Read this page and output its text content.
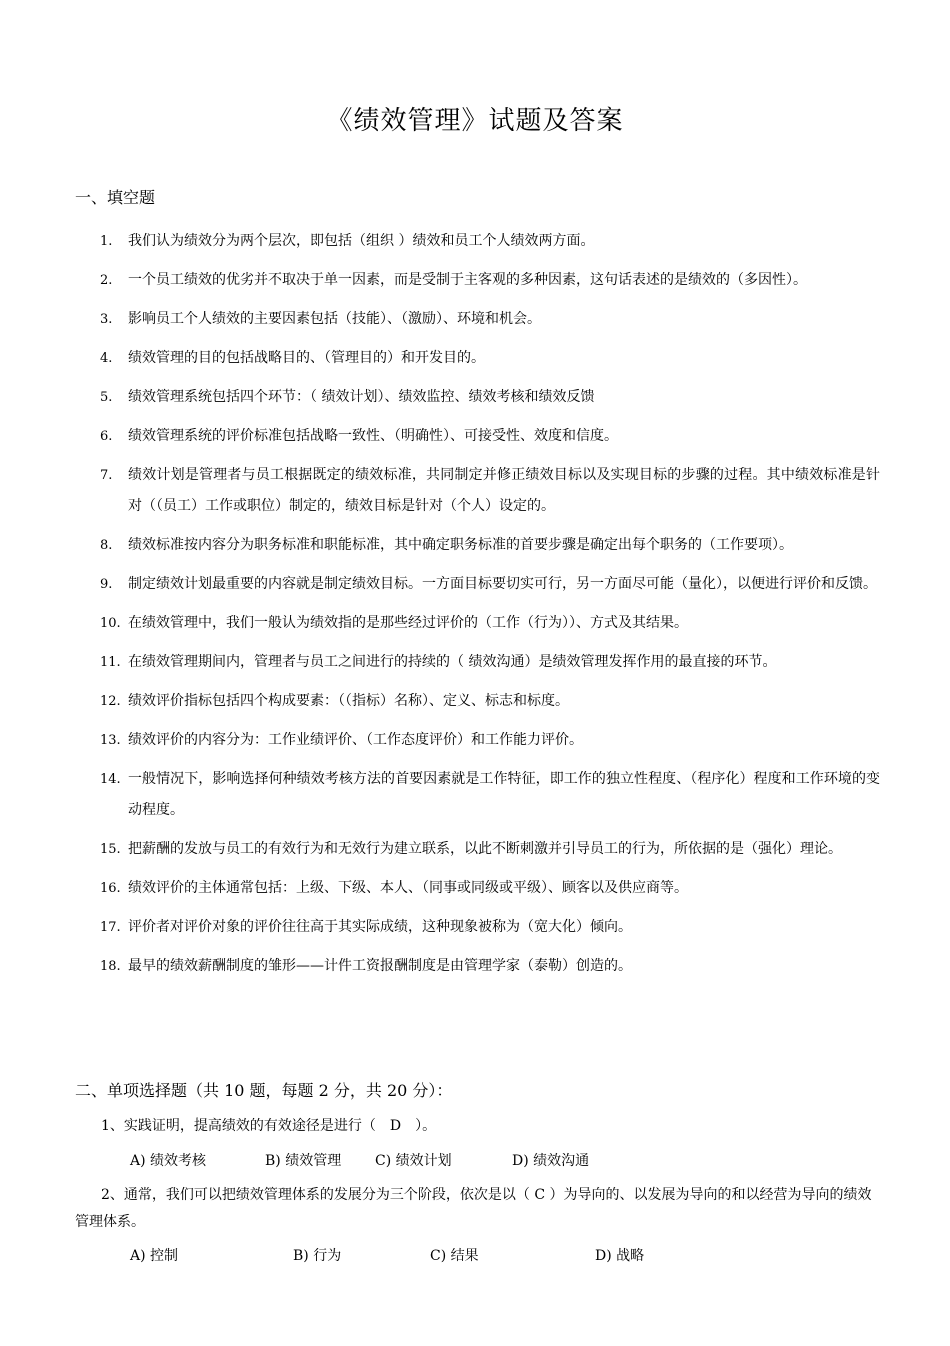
《绩效管理》试题及答案
一、填空题
1.	我们认为绩效分为两个层次，即包括（组织 ）绩效和员工个人绩效两方面。
2.	一个员工绩效的优劣并不取决于单一因素，而是受制于主客观的多种因素，这句话表述的是绩效的（多因性）。
3.	影响员工个人绩效的主要因素包括（技能）、（激励）、环境和机会。
4.	绩效管理的目的包括战略目的、（管理目的）和开发目的。
5.	绩效管理系统包括四个环节：（ 绩效计划）、绩效监控、绩效考核和绩效反馈
6.	绩效管理系统的评价标准包括战略一致性、（明确性）、可接受性、效度和信度。
7.	绩效计划是管理者与员工根据既定的绩效标准，共同制定并修正绩效目标以及实现目标的步骤的过程。其中绩效标准是针对（（员工）工作或职位）制定的，绩效目标是针对（个人）设定的。
8.	绩效标准按内容分为职务标准和职能标准，其中确定职务标准的首要步骤是确定出每个职务的（工作要项）。
9.	制定绩效计划最重要的内容就是制定绩效目标。一方面目标要切实可行，另一方面尽可能（量化），以便进行评价和反馈。
10. 在绩效管理中，我们一般认为绩效指的是那些经过评价的（工作（行为））、方式及其结果。
11. 在绩效管理期间内，管理者与员工之间进行的持续的（ 绩效沟通）是绩效管理发挥作用的最直接的环节。
12. 绩效评价指标包括四个构成要素：（（指标）名称）、定义、标志和标度。
13. 绩效评价的内容分为：工作业绩评价、（工作态度评价）和工作能力评价。
14. 一般情况下，影响选择何种绩效考核方法的首要因素就是工作特征，即工作的独立性程度、（程序化）程度和工作环境的变动程度。
15. 把薪酬的发放与员工的有效行为和无效行为建立联系，以此不断刺激并引导员工的行为，所依据的是（强化）理论。
16. 绩效评价的主体通常包括：上级、下级、本人、（同事或同级或平级）、顾客以及供应商等。
17. 评价者对评价对象的评价往往高于其实际成绩，这种现象被称为（宽大化）倾向。
18. 最早的绩效薪酬制度的雏形——计件工资报酬制度是由管理学家（泰勒）创造的。
二、单项选择题（共 10 题，每题 2 分，共 20 分）：
1、实践证明，提高绩效的有效途径是进行（　D　）。
A) 绩效考核	B) 绩效管理 C) 绩效计划	D) 绩效沟通
2、通常，我们可以把绩效管理体系的发展分为三个阶段，依次是以（ C ）为导向的、以发展为导向的和以经营为导向的绩效管理体系。
A) 控制	B) 行为	C) 结果	D) 战略
